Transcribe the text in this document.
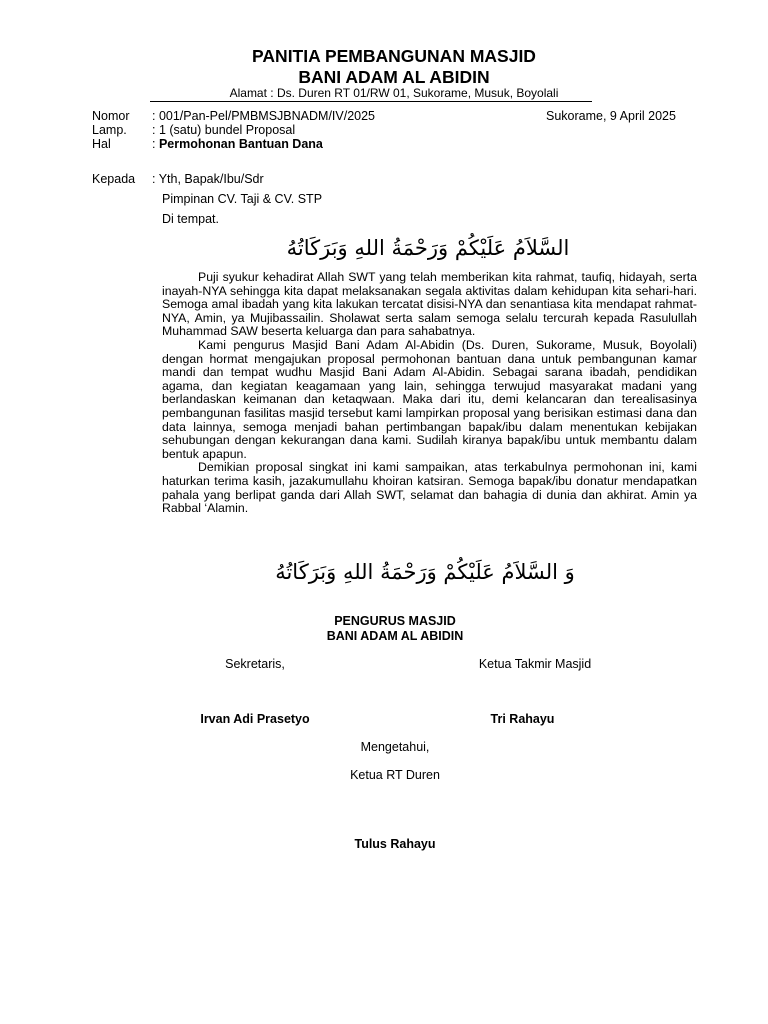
PANITIA PEMBANGUNAN MASJID
BANI ADAM AL ABIDIN
Alamat : Ds. Duren RT 01/RW 01, Sukorame, Musuk, Boyolali
Nomor : 001/Pan-Pel/PMBMSJBNADM/IV/2025	Sukorame, 9 April 2025
Lamp. : 1 (satu) bundel Proposal
Hal	: Permohonan Bantuan Dana
Kepada : Yth, Bapak/Ibu/Sdr
Pimpinan CV. Taji & CV. STP
Di tempat.
السَّلاَمُ عَلَيْكُمْ وَرَحْمَةُ اللهِ وَبَرَكَاتُهُ

Puji syukur kehadirat Allah SWT yang telah memberikan kita rahmat, taufiq, hidayah, serta inayah-NYA sehingga kita dapat melaksanakan segala aktivitas dalam kehidupan kita sehari-hari. Semoga amal ibadah yang kita lakukan tercatat disisi-NYA dan senantiasa kita mendapat rahmat-NYA, Amin, ya Mujibassailin. Sholawat serta salam semoga selalu tercurah kepada Rasulullah Muhammad SAW beserta keluarga dan para sahabatnya.

Kami pengurus Masjid Bani Adam Al-Abidin (Ds. Duren, Sukorame, Musuk, Boyolali) dengan hormat mengajukan proposal permohonan bantuan dana untuk pembangunan kamar mandi dan tempat wudhu Masjid Bani Adam Al-Abidin. Sebagai sarana ibadah, pendidikan agama, dan kegiatan keagamaan yang lain, sehingga terwujud masyarakat madani yang berlandaskan keimanan dan ketaqwaan. Maka dari itu, demi kelancaran dan terealisasinya pembangunan fasilitas masjid tersebut kami lampirkan proposal yang berisikan estimasi dana dan data lainnya, semoga menjadi bahan pertimbangan bapak/ibu dalam menentukan kebijakan sehubungan dengan kekurangan dana kami. Sudilah kiranya bapak/ibu untuk membantu dalam bentuk apapun.

Demikian proposal singkat ini kami sampaikan, atas terkabulnya permohonan ini, kami haturkan terima kasih, jazakumullahu khoiran katsiran. Semoga bapak/ibu donatur mendapatkan pahala yang berlipat ganda dari Allah SWT, selamat dan bahagia di dunia dan akhirat. Amin ya Rabbal ‘Alamin.

وَ السَّلاَمُ عَلَيْكُمْ وَرَحْمَةُ اللهِ وَبَرَكَاتُهُ
PENGURUS MASJID
BANI ADAM AL ABIDIN
Sekretaris,	Ketua Takmir Masjid
Irvan Adi Prasetyo	Tri Rahayu
Mengetahui,
Ketua RT Duren
Tulus Rahayu
